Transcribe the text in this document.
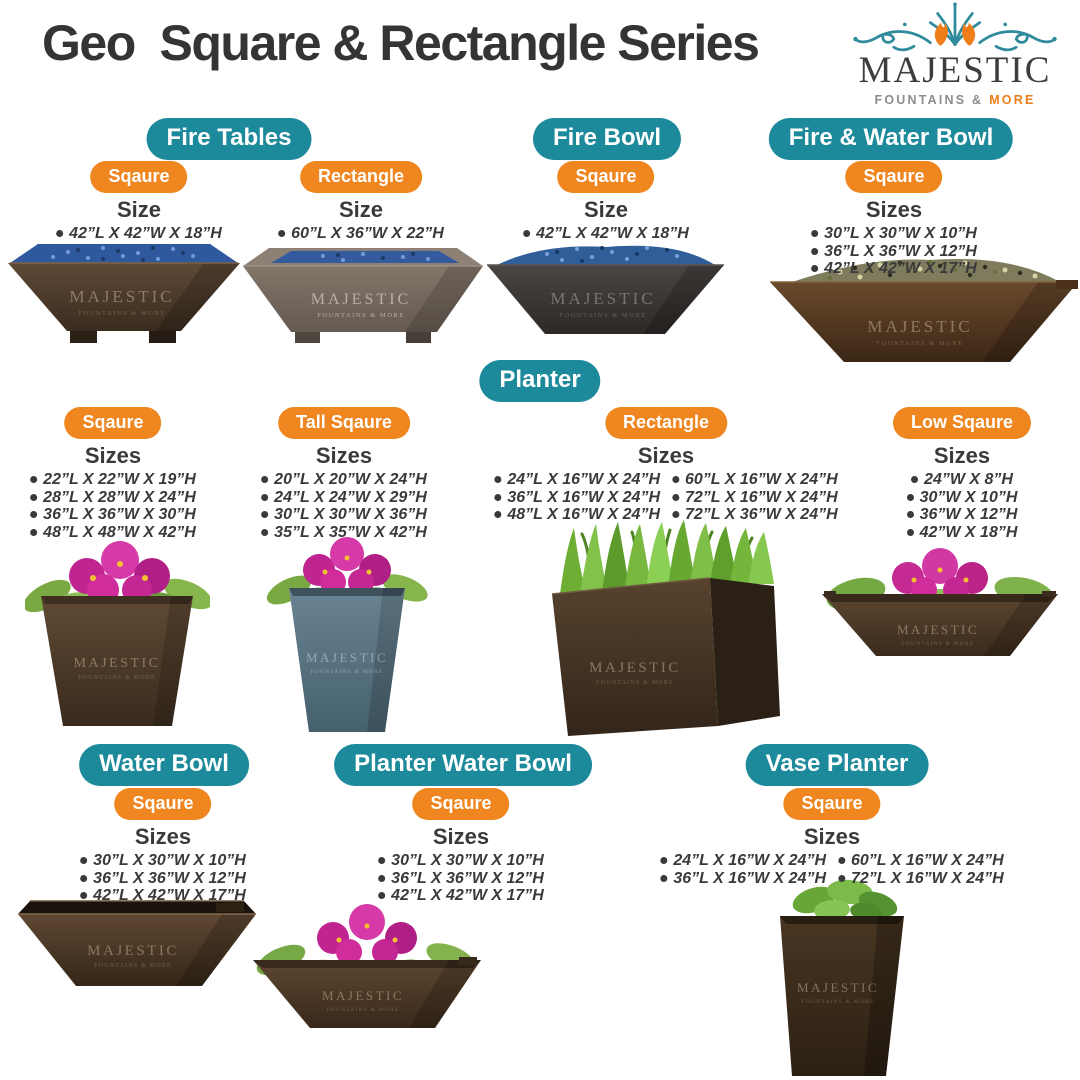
Geo  Square & Rectangle Series	MAJESTIC
FOUNTAINS & MORE
MAJESTIC
FOUNTAINS & MORE
MAJESTIC
FOUNTAINS & MORE
MAJESTIC
FOUNTAINS & MORE
MAJESTIC
FOUNTAINS & MORE
MAJESTIC
FOUNTAINS & MORE
MAJESTIC
FOUNTAINS & MORE	MAJESTIC
FOUNTAINS & MORE
MAJESTIC
FOUNTAINS & MORE
MAJESTIC
FOUNTAINS & MORE
MAJESTIC
FOUNTAINS & MORE
MAJESTIC
FOUNTAINS & MORE
Fire Tables	Fire Bowl	Fire & Water Bowl
Planter
Water Bowl	Planter Water Bowl	Vase Planter
Sqaure
Size
42”L X 42”W X 18”H
Rectangle
Size
60”L X 36”W X 22”H
Sqaure
Size
42”L X 42”W X 18”H
Sqaure
Sizes
30”L X 30”W X 10”H
36”L X 36”W X 12”H
42”L X 42”W X 17”H
Sqaure
Sizes
22”L X 22”W X 19”H
28”L X 28”W X 24”H
36”L X 36”W X 30”H
48”L X 48”W X 42”H
Tall Sqaure
Sizes
20”L X 20”W X 24”H
24”L X 24”W X 29”H
30”L X 30”W X 36”H
35”L X 35”W X 42”H
Rectangle
Sizes
24”L X 16”W X 24”H
36”L X 16”W X 24”H
48”L X 16”W X 24”H
60”L X 16”W X 24”H
72”L X 16”W X 24”H
72”L X 36”W X 24”H
Low Sqaure
Sizes
24”W X 8”H
30”W X 10”H
36”W X 12”H
42”W X 18”H
Sqaure
Sizes
30”L X 30”W X 10”H
36”L X 36”W X 12”H
42”L X 42”W X 17”H
Sqaure
Sizes
30”L X 30”W X 10”H
36”L X 36”W X 12”H
42”L X 42”W X 17”H
Sqaure
Sizes
24”L X 16”W X 24”H
36”L X 16”W X 24”H
60”L X 16”W X 24”H
72”L X 16”W X 24”H
